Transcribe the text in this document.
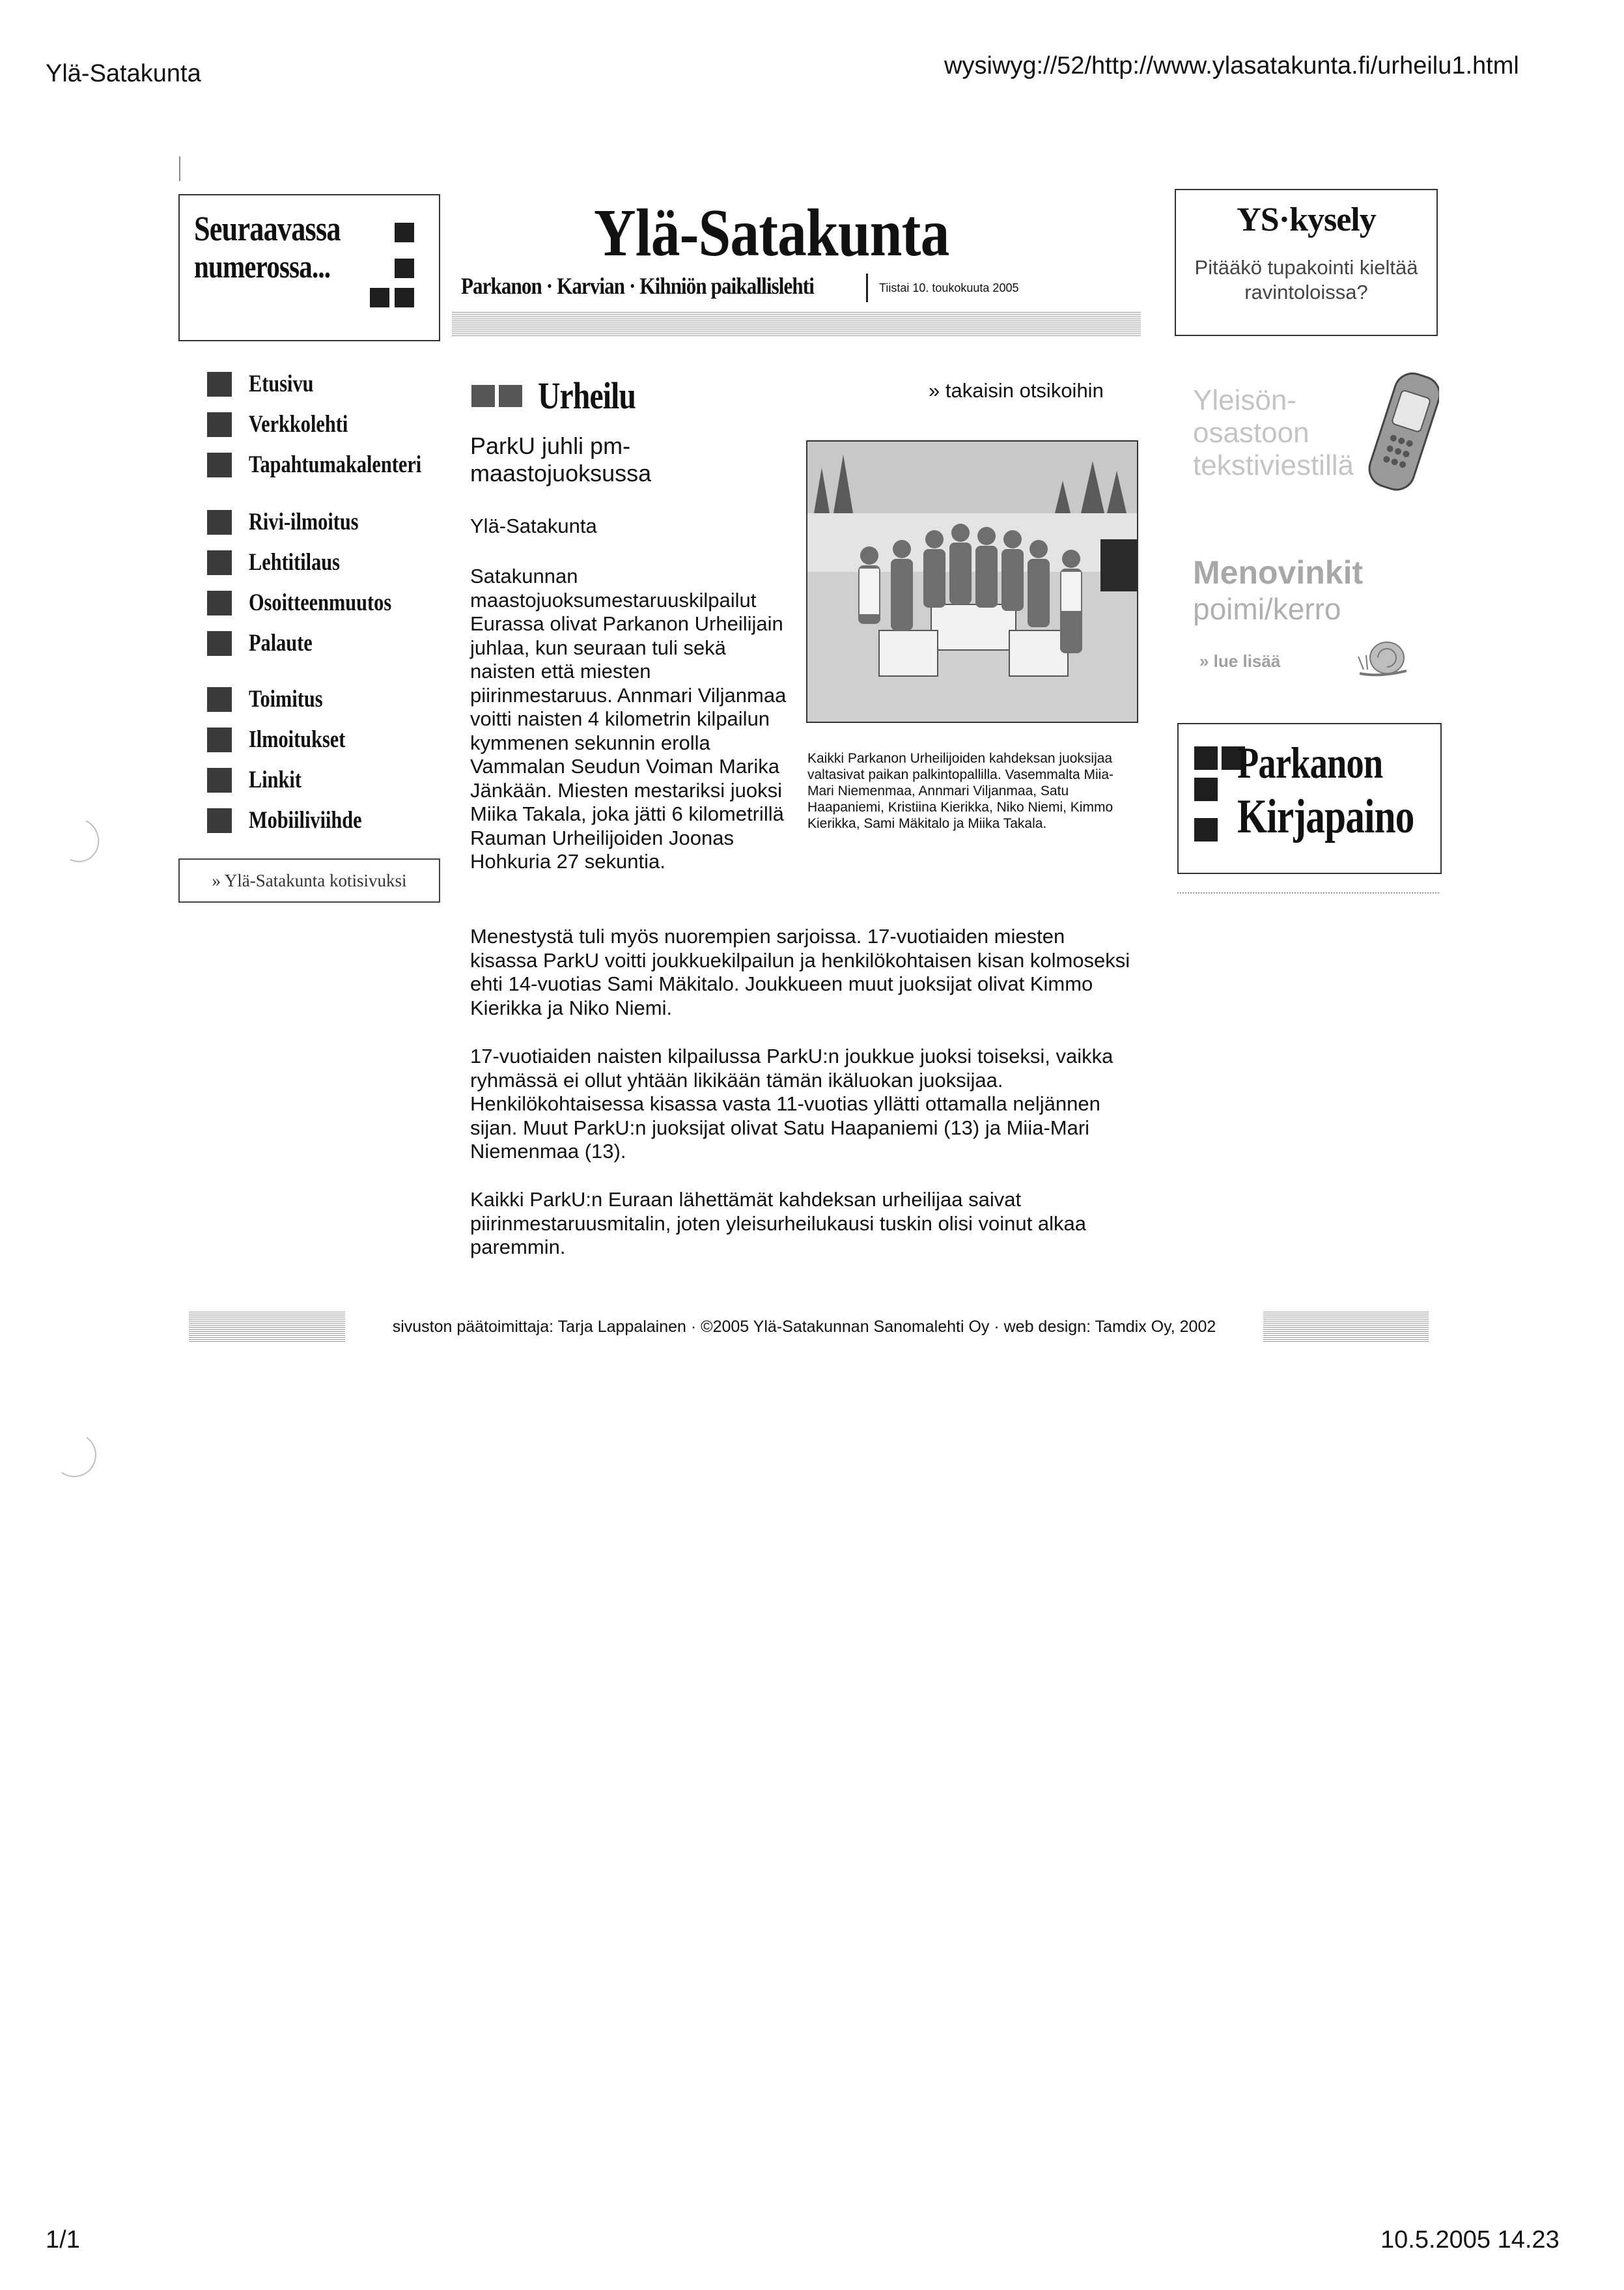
Ylä-Satakunta	wysiwyg://52/http://www.ylasatakunta.fi/urheilu1.html
1/1	10.5.2005 14.23
Seuraavassa
numerossa...	Ylä-Satakunta
Parkanon · Karvian · Kihniön paikallislehti	Tiistai 10. toukokuuta 2005
YS·kysely
Pitääkö tupakointi kieltää ravintoloissa?
Etusivu
Verkkolehti
Tapahtumakalenteri
Rivi-ilmoitus
Lehtitilaus
Osoitteenmuutos
Palaute
Toimitus
Ilmoitukset
Linkit
Mobiiliviihde
» Ylä-Satakunta kotisivuksi
Urheilu	» takaisin otsikoihin
ParkU juhli pm-maastojuoksussa
Ylä-Satakunta
Satakunnan maastojuoksumestaruuskilpailut Eurassa olivat Parkanon Urheilijain juhlaa, kun seuraan tuli sekä naisten että miesten piirinmestaruus. Annmari Viljanmaa voitti naisten 4 kilometrin kilpailun kymmenen sekunnin erolla Vammalan Seudun Voiman Marika Jänkään. Miesten mestariksi juoksi Miika Takala, joka jätti 6 kilometrillä Rauman Urheilijoiden Joonas Hohkuria 27 sekuntia.
Kaikki Parkanon Urheilijoiden kahdeksan juoksijaa valtasivat paikan palkintopallilla. Vasemmalta Miia-Mari Niemenmaa, Annmari Viljanmaa, Satu Haapaniemi, Kristiina Kierikka, Niko Niemi, Kimmo Kierikka, Sami Mäkitalo ja Miika Takala.

Menestystä tuli myös nuorempien sarjoissa. 17-vuotiaiden miesten kisassa ParkU voitti joukkuekilpailun ja henkilökohtaisen kisan kolmoseksi ehti 14-vuotias Sami Mäkitalo. Joukkueen muut juoksijat olivat Kimmo Kierikka ja Niko Niemi.

17-vuotiaiden naisten kilpailussa ParkU:n joukkue juoksi toiseksi, vaikka ryhmässä ei ollut yhtään likikään tämän ikäluokan juoksijaa. Henkilökohtaisessa kisassa vasta 11-vuotias yllätti ottamalla neljännen sijan. Muut ParkU:n juoksijat olivat Satu Haapaniemi (13) ja Miia-Mari Niemenmaa (13).

Kaikki ParkU:n Euraan lähettämät kahdeksan urheilijaa saivat piirinmestaruusmitalin, joten yleisurheilukausi tuskin olisi voinut alkaa paremmin.

Yleisön-
osastoon
tekstiviestillä
Menovinkit
poimi/kerro
» lue lisää
Parkanon
Kirjapaino
sivuston päätoimittaja: Tarja Lappalainen · ©2005 Ylä-Satakunnan Sanomalehti Oy · web design: Tamdix Oy, 2002
